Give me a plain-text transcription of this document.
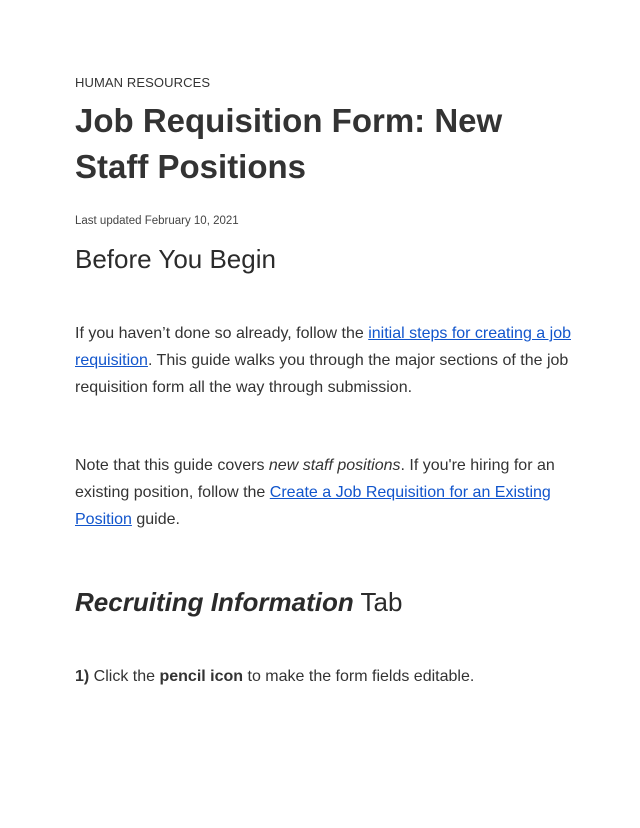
HUMAN RESOURCES
Job Requisition Form: New Staff Positions
Last updated February 10, 2021
Before You Begin

If you haven’t done so already, follow the initial steps for creating a job requisition. This guide walks you through the major sections of the job requisition form all the way through submission.

Note that this guide covers new staff positions. If you're hiring for an existing position, follow the Create a Job Requisition for an Existing Position guide.

Recruiting Information Tab

1) Click the pencil icon to make the form fields editable.
